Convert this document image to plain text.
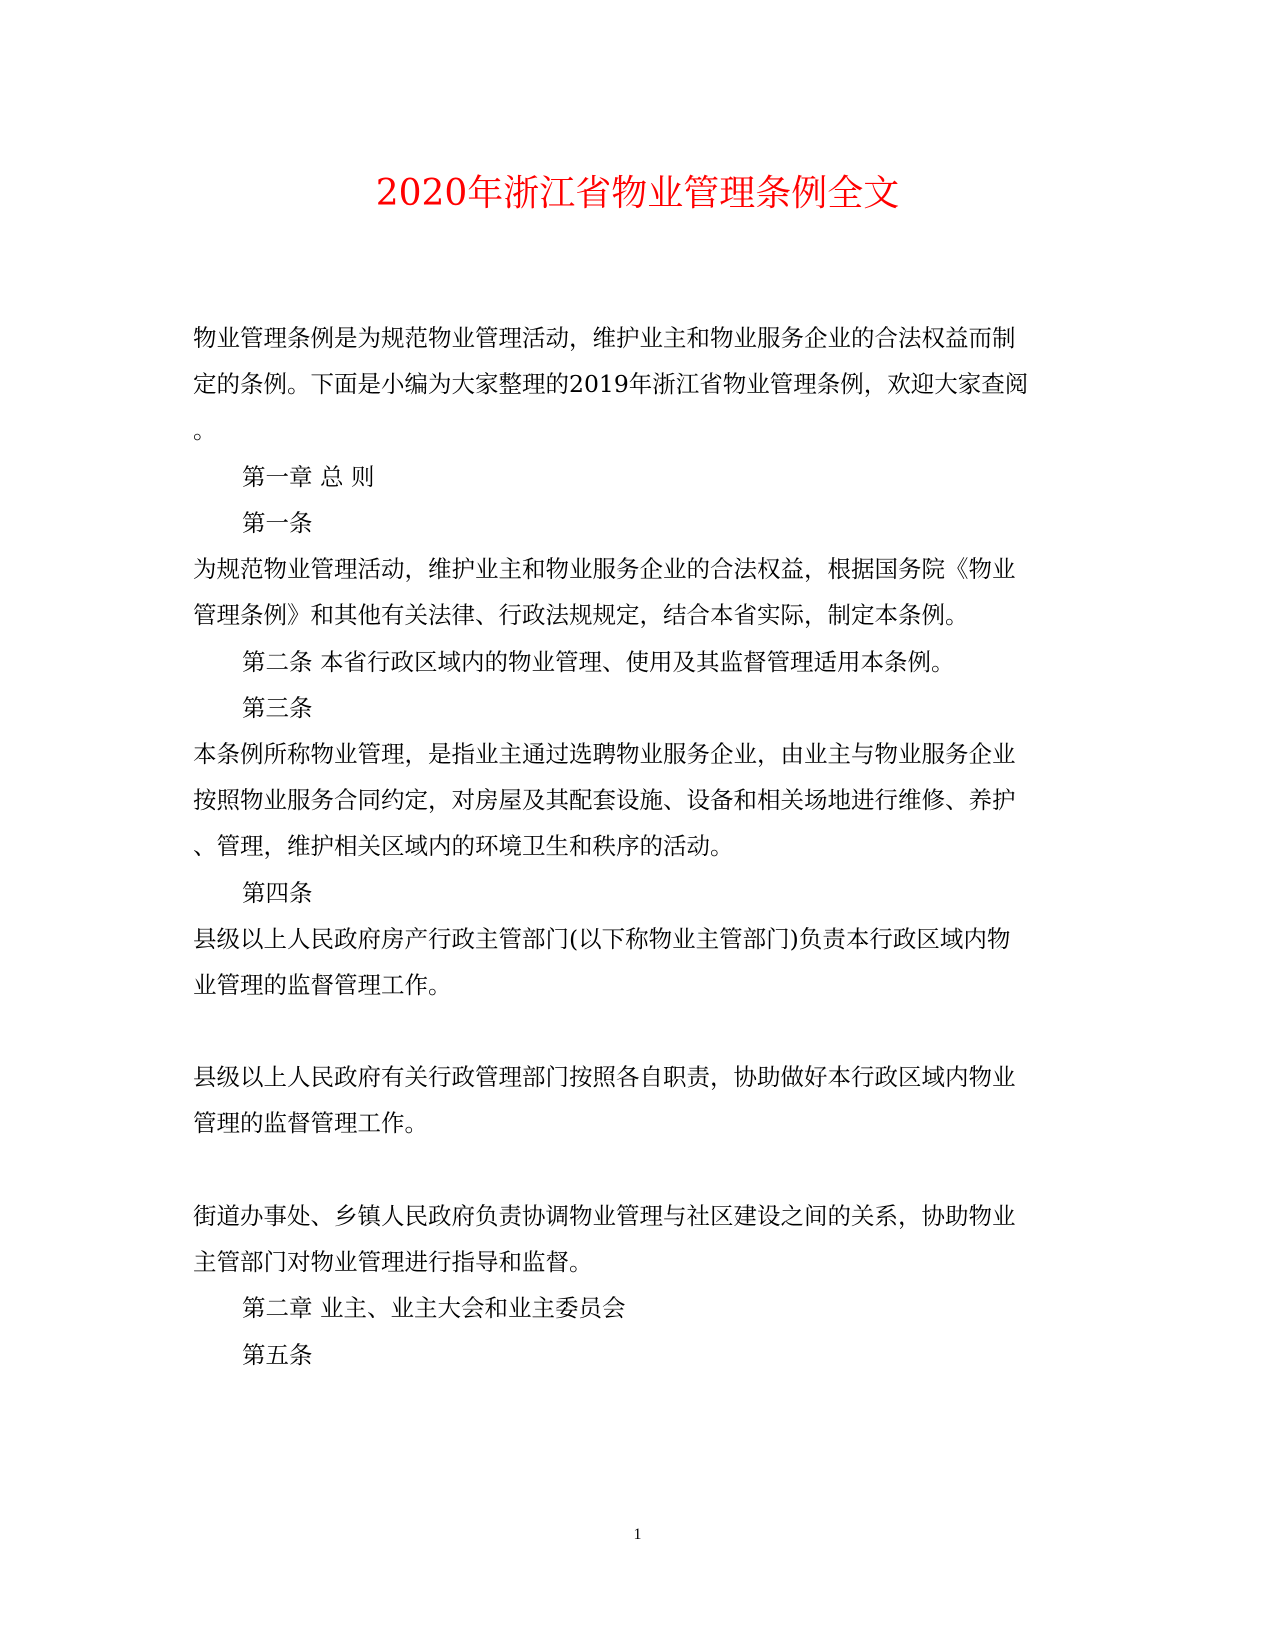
2020年浙江省物业管理条例全文
物业管理条例是为规范物业管理活动，维护业主和物业服务企业的合法权益而制
定的条例。下面是小编为大家整理的2019年浙江省物业管理条例，欢迎大家查阅
。
第一章 总 则
第一条
为规范物业管理活动，维护业主和物业服务企业的合法权益，根据国务院《物业
管理条例》和其他有关法律、行政法规规定，结合本省实际，制定本条例。
第二条 本省行政区域内的物业管理、使用及其监督管理适用本条例。
第三条
本条例所称物业管理，是指业主通过选聘物业服务企业，由业主与物业服务企业
按照物业服务合同约定，对房屋及其配套设施、设备和相关场地进行维修、养护
、管理，维护相关区域内的环境卫生和秩序的活动。
第四条
县级以上人民政府房产行政主管部门(以下称物业主管部门)负责本行政区域内物
业管理的监督管理工作。
县级以上人民政府有关行政管理部门按照各自职责，协助做好本行政区域内物业
管理的监督管理工作。
街道办事处、乡镇人民政府负责协调物业管理与社区建设之间的关系，协助物业
主管部门对物业管理进行指导和监督。
第二章 业主、业主大会和业主委员会
第五条
1
